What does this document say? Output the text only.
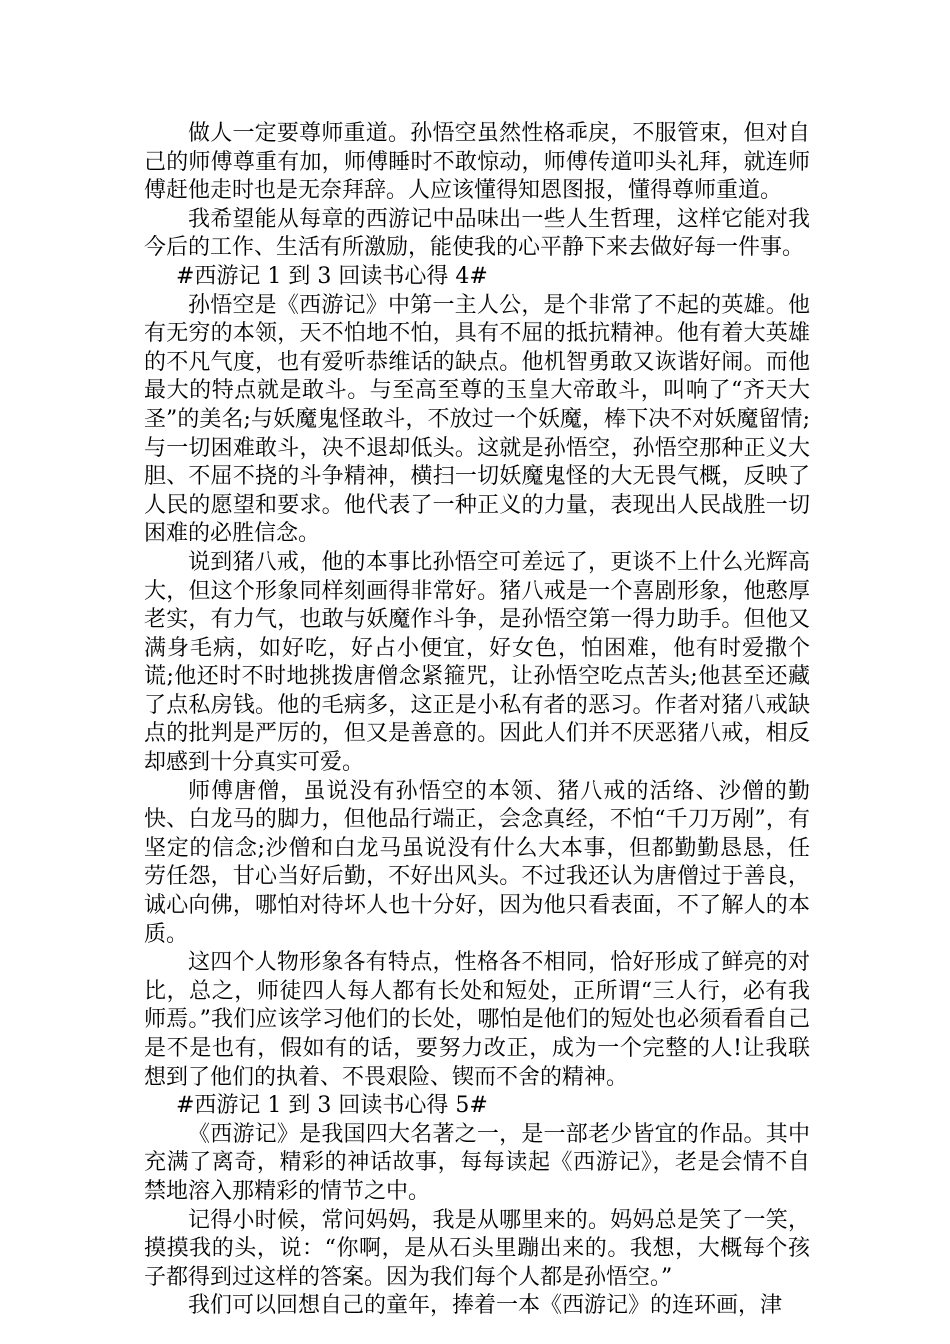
做人一定要尊师重道。孙悟空虽然性格乖戾，不服管束，但对自己的师傅尊重有加，师傅睡时不敢惊动，师傅传道叩头礼拜，就连师傅赶他走时也是无奈拜辞。人应该懂得知恩图报，懂得尊师重道。

我希望能从每章的西游记中品味出一些人生哲理，这样它能对我今后的工作、生活有所激励，能使我的心平静下来去做好每一件事。

#西游记 1 到 3 回读书心得 4#

孙悟空是《西游记》中第一主人公，是个非常了不起的英雄。他有无穷的本领，天不怕地不怕，具有不屈的抵抗精神。他有着大英雄的不凡气度，也有爱听恭维话的缺点。他机智勇敢又诙谐好闹。而他最大的特点就是敢斗。与至高至尊的玉皇大帝敢斗，叫响了“齐天大圣”的美名;与妖魔鬼怪敢斗，不放过一个妖魔，棒下决不对妖魔留情;与一切困难敢斗，决不退却低头。这就是孙悟空，孙悟空那种正义大胆、不屈不挠的斗争精神，横扫一切妖魔鬼怪的大无畏气概，反映了人民的愿望和要求。他代表了一种正义的力量，表现出人民战胜一切困难的必胜信念。

说到猪八戒，他的本事比孙悟空可差远了，更谈不上什么光辉高大，但这个形象同样刻画得非常好。猪八戒是一个喜剧形象，他憨厚老实，有力气，也敢与妖魔作斗争，是孙悟空第一得力助手。但他又满身毛病，如好吃，好占小便宜，好女色，怕困难，他有时爱撒个谎;他还时不时地挑拨唐僧念紧箍咒，让孙悟空吃点苦头;他甚至还藏了点私房钱。他的毛病多，这正是小私有者的恶习。作者对猪八戒缺点的批判是严厉的，但又是善意的。因此人们并不厌恶猪八戒，相反却感到十分真实可爱。

师傅唐僧，虽说没有孙悟空的本领、猪八戒的活络、沙僧的勤快、白龙马的脚力，但他品行端正，会念真经，不怕“千刀万剐”，有坚定的信念;沙僧和白龙马虽说没有什么大本事，但都勤勤恳恳，任劳任怨，甘心当好后勤，不好出风头。不过我还认为唐僧过于善良，诚心向佛，哪怕对待坏人也十分好，因为他只看表面，不了解人的本质。

这四个人物形象各有特点，性格各不相同，恰好形成了鲜亮的对比，总之，师徒四人每人都有长处和短处，正所谓“三人行，必有我师焉。”我们应该学习他们的长处，哪怕是他们的短处也必须看看自己是不是也有，假如有的话，要努力改正，成为一个完整的人!让我联想到了他们的执着、不畏艰险、锲而不舍的精神。

#西游记 1 到 3 回读书心得 5#

《西游记》是我国四大名著之一，是一部老少皆宜的作品。其中充满了离奇，精彩的神话故事，每每读起《西游记》，老是会情不自禁地溶入那精彩的情节之中。

记得小时候，常问妈妈，我是从哪里来的。妈妈总是笑了一笑，摸摸我的头，说：“你啊，是从石头里蹦出来的。我想，大概每个孩子都得到过这样的答案。因为我们每个人都是孙悟空。”

我们可以回想自己的童年，捧着一本《西游记》的连环画，津
